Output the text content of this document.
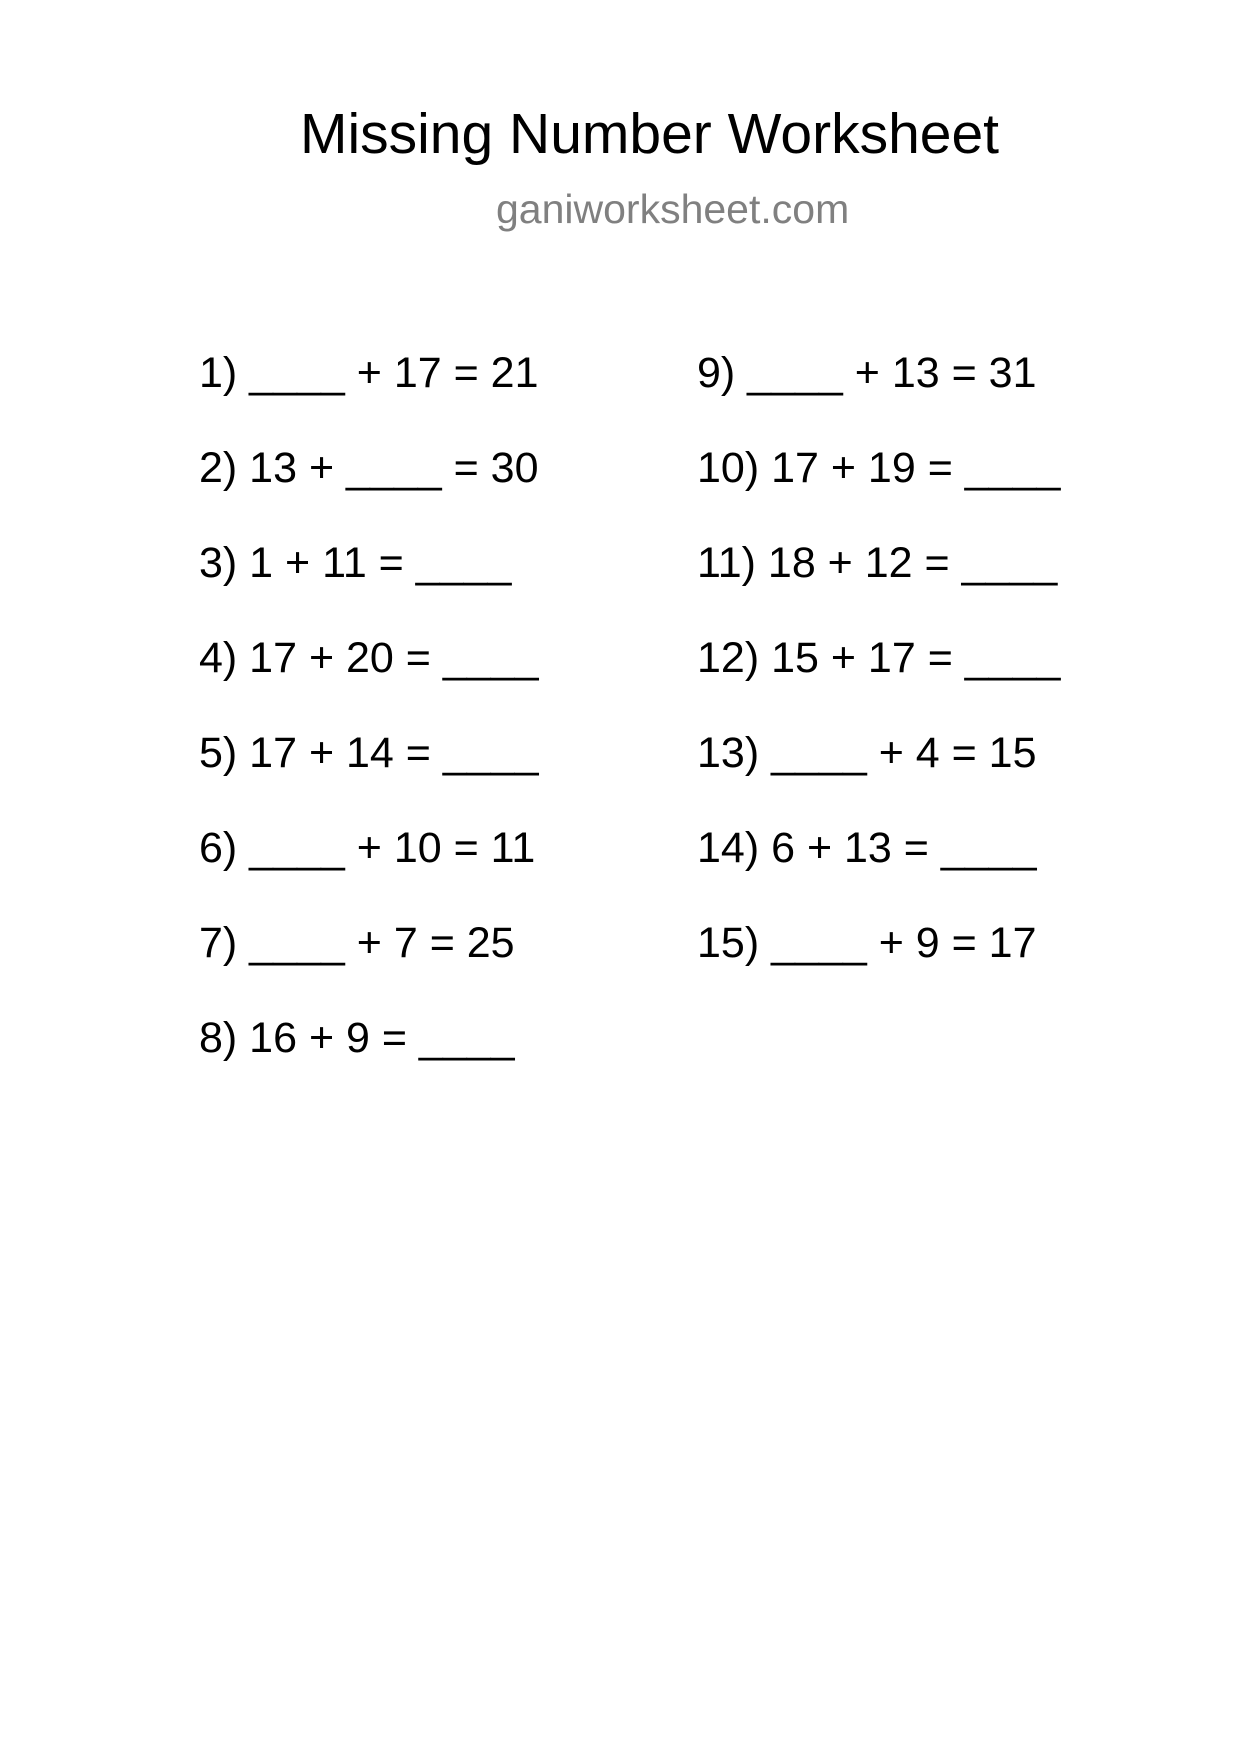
Missing Number Worksheet
ganiworksheet.com
1) ____ + 17 = 21
2) 13 + ____ = 30
3) 1 + 11 = ____
4) 17 + 20 = ____
5) 17 + 14 = ____
6) ____ + 10 = 11
7) ____ + 7 = 25
8) 16 + 9 = ____
9) ____ + 13 = 31
10) 17 + 19 = ____
11) 18 + 12 = ____
12) 15 + 17 = ____
13) ____ + 4 = 15
14) 6 + 13 = ____
15) ____ + 9 = 17
